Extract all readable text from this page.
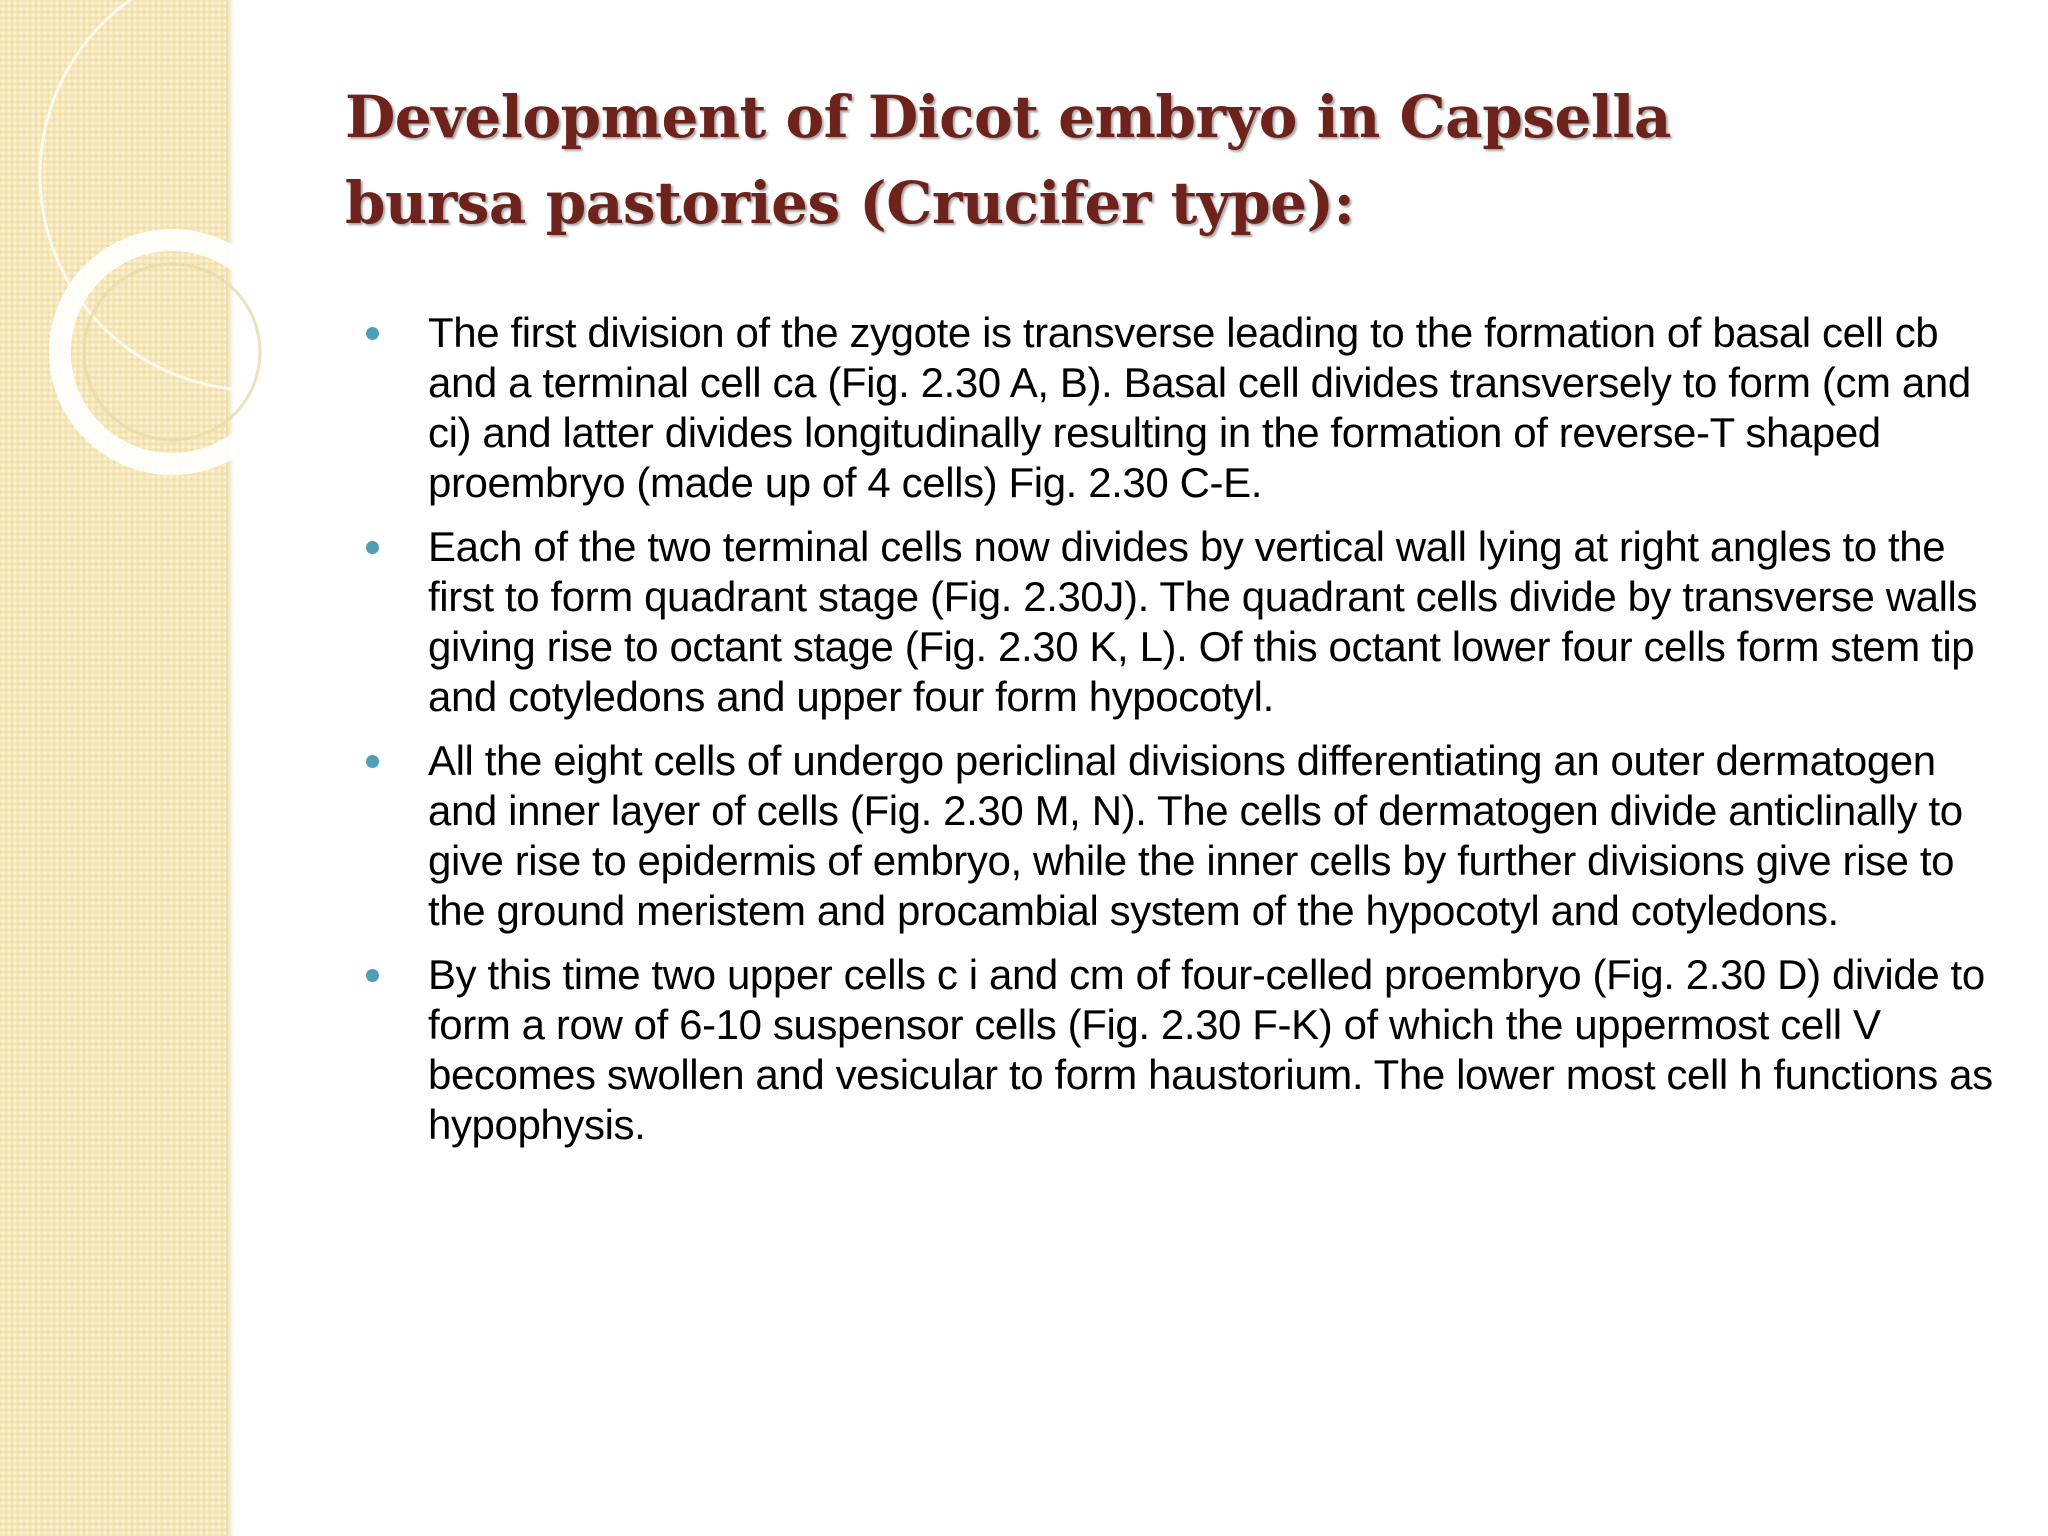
Development of Dicot embryo in Capsella
bursa pastories (Crucifer type):
The first division of the zygote is transverse leading to the formation of basal cell cb and a terminal cell ca (Fig. 2.30 A, B). Basal cell divides transversely to form (cm and ci) and latter divides longitudinally resulting in the formation of reverse-T shaped proembryo (made up of 4 cells) Fig. 2.30 C-E.
Each of the two terminal cells now divides by vertical wall lying at right angles to the first to form quadrant stage (Fig. 2.30J). The quadrant cells divide by transverse walls giving rise to octant stage (Fig. 2.30 K, L). Of this octant lower four cells form stem tip and cotyledons and upper four form hypocotyl.
All the eight cells of undergo periclinal divisions differentiating an outer dermatogen and inner layer of cells (Fig. 2.30 M, N). The cells of dermatogen divide anticlinally to give rise to epidermis of embryo, while the inner cells by further divisions give rise to the ground meristem and procambial system of the hypocotyl and cotyledons.
By this time two upper cells c i and cm of four-celled proembryo (Fig. 2.30 D) divide to form a row of 6-10 suspensor cells (Fig. 2.30 F-K) of which the uppermost cell V becomes swollen and vesicular to form haustorium. The lower most cell h functions as hypophysis.
